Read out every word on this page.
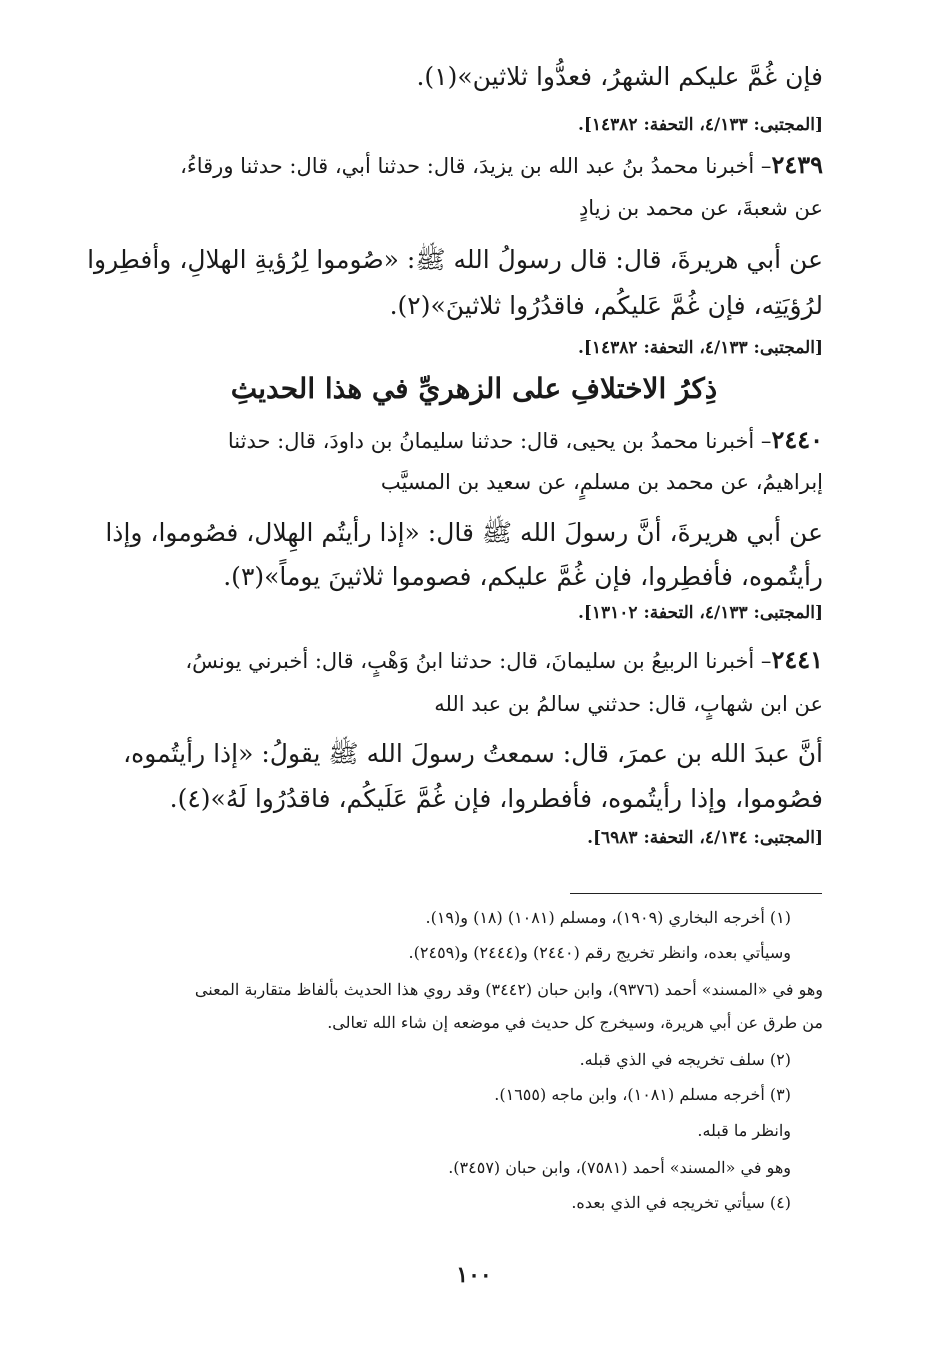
فإن غُمَّ عليكم الشهرُ، فعدُّوا ثلاثين»(١).
[المجتبى: ٤/١٣٣، التحفة: ١٤٣٨٢].
٢٤٣٩– أخبرنا محمدُ بنُ عبد الله بن يزيدَ، قال: حدثنا أبي، قال: حدثنا ورقاءُ،
عن شعبةَ، عن محمد بن زيادٍ
عن أبي هريرةَ، قال: قال رسولُ الله ﷺ: «صُوموا لِرُؤيةِ الهلالِ، وأفطِروا
لرُؤيَتِه، فإن غُمَّ عَليكُم، فاقدُرُوا ثلاثينَ»(٢).
[المجتبى: ٤/١٣٣، التحفة: ١٤٣٨٢].
ذِكرُ الاختلافِ على الزهريِّ في هذا الحديثِ
٢٤٤٠– أخبرنا محمدُ بن يحيى، قال: حدثنا سليمانُ بن داودَ، قال: حدثنا
إبراهيمُ، عن محمد بن مسلمٍ، عن سعيد بن المسيَّب
عن أبي هريرةَ، أنَّ رسولَ الله ﷺ قال: «إذا رأيتُم الهِلال، فصُوموا، وإذا
رأيتُموه، فأفطِروا، فإن غُمَّ عليكم، فصوموا ثلاثينَ يوماً»(٣).
[المجتبى: ٤/١٣٣، التحفة: ١٣١٠٢].
٢٤٤١– أخبرنا الربيعُ بن سليمانَ، قال: حدثنا ابنُ وَهْبٍ، قال: أخبرني يونسُ،
عن ابن شهابٍ، قال: حدثني سالمُ بن عبد الله
أنَّ عبدَ الله بن عمرَ، قال: سمعتُ رسولَ الله ﷺ يقولُ: «إذا رأيتُموه،
فصُوموا، وإذا رأيتُموه، فأفطروا، فإن غُمَّ عَلَيكُم، فاقدُرُوا لَهُ»(٤).
[المجتبى: ٤/١٣٤، التحفة: ٦٩٨٣].
(١) أخرجه البخاري (١٩٠٩)، ومسلم (١٠٨١) (١٨) و(١٩).
وسيأتي بعده، وانظر تخريج رقم (٢٤٤٠) و(٢٤٤٤) و(٢٤٥٩).
وهو في «المسند» أحمد (٩٣٧٦)، وابن حبان (٣٤٤٢) وقد روي هذا الحديث بألفاظ متقاربة المعنى
من طرق عن أبي هريرة، وسيخرج كل حديث في موضعه إن شاء الله تعالى.
(٢) سلف تخريجه في الذي قبله.
(٣) أخرجه مسلم (١٠٨١)، وابن ماجه (١٦٥٥).
وانظر ما قبله.
وهو في «المسند» أحمد (٧٥٨١)، وابن حبان (٣٤٥٧).
(٤) سيأتي تخريجه في الذي بعده.
١٠٠
